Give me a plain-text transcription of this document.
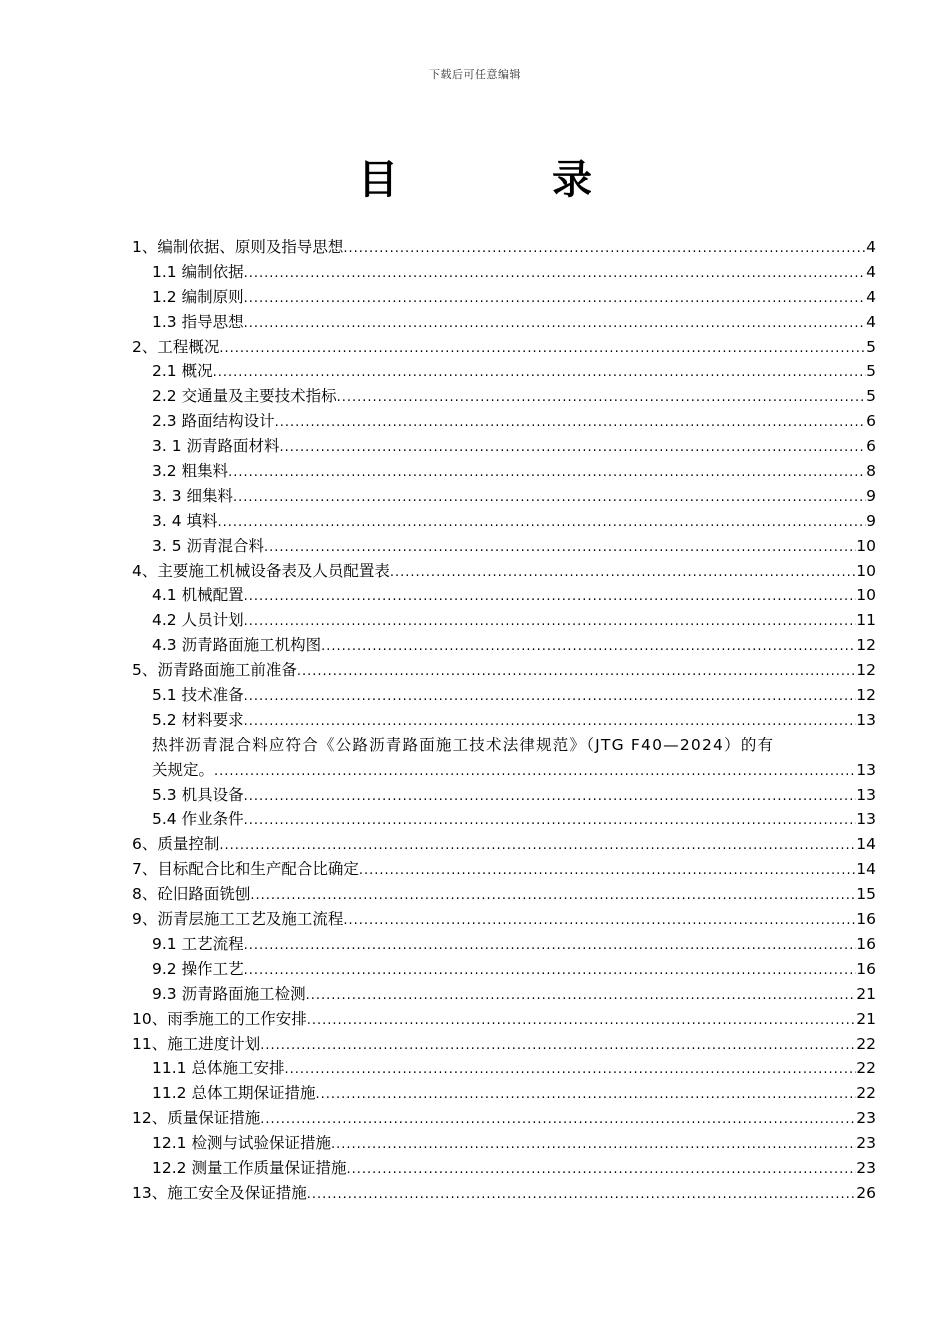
下载后可任意编辑
目 录
1、编制依据、原则及指导思想 .....	4
1.1 编制依据 .....	4
1.2 编制原则 .....	4
1.3 指导思想 .....	4
2、工程概况 .....	5
2.1 概况 .....	5
2.2 交通量及主要技术指标 .....	5
2.3 路面结构设计 .....	6
3. 1 沥青路面材料 .....	6
3.2 粗集料 .....	8
3. 3 细集料 .....	9
3. 4 填料 .....	9
3. 5 沥青混合料 .....	10
4、主要施工机械设备表及人员配置表 .....	10
4.1 机械配置 .....	10
4.2 人员计划 .....	11
4.3 沥青路面施工机构图 .....	12
5、沥青路面施工前准备 .....	12
5.1 技术准备 .....	12
5.2 材料要求 .....	13
热拌沥青混合料应符合《公路沥青路面施工技术法律规范》（JTG F40—2024）的有
关规定。 .....	13
5.3 机具设备 .....	13
5.4 作业条件 .....	13
6、质量控制 .....	14
7、目标配合比和生产配合比确定 .....	14
8、砼旧路面铣刨 .....	15
9、沥青层施工工艺及施工流程 .....	16
9.1 工艺流程 .....	16
9.2 操作工艺 .....	16
9.3 沥青路面施工检测 .....	21
10、雨季施工的工作安排 .....	21
11、施工进度计划 .....	22
11.1 总体施工安排 .....	22
11.2 总体工期保证措施 .....	22
12、质量保证措施 .....	23
12.1 检测与试验保证措施 .....	23
12.2 测量工作质量保证措施 .....	23
13、施工安全及保证措施 .....	26
